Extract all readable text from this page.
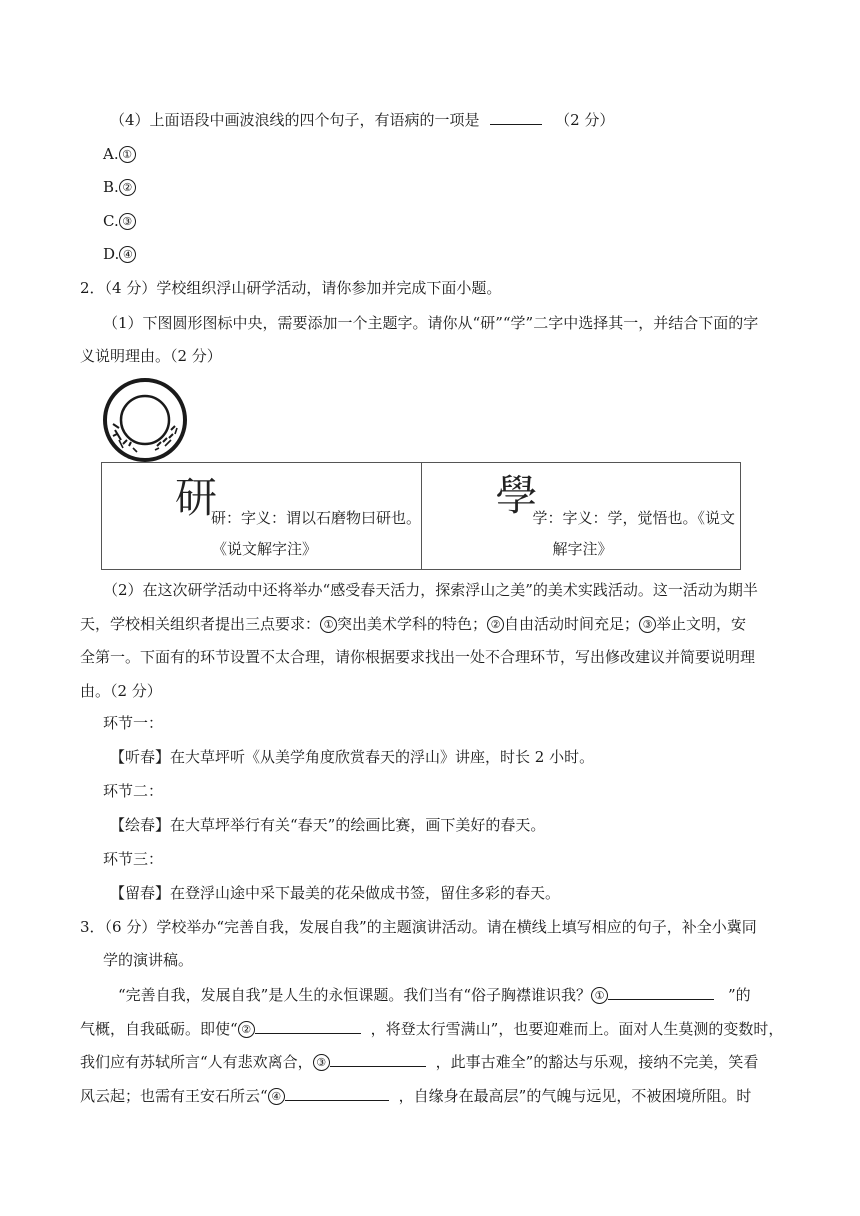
（4）上面语段中画波浪线的四个句子，有语病的一项是	（2 分）
A. ①
B. ②
C. ③
D. ④
2．（4 分）学校组织浮山研学活动，请你参加并完成下面小题。
（1）下图圆形图标中央，需要添加一个主题字。请你从“研”“学”二字中选择其一，并结合下面的字
义说明理由。（2 分）
研
研：字义：谓以石磨物曰研也。
《说文解字注》

學
学：字义：学，觉悟也。《说文
解字注》
（2）在这次研学活动中还将举办“感受春天活力，探索浮山之美”的美术实践活动。这一活动为期半
天，学校相关组织者提出三点要求： ① 突出美术学科的特色； ② 自由活动时间充足； ③ 举止文明，安
全第一。下面有的环节设置不太合理，请你根据要求找出一处不合理环节，写出修改建议并简要说明理
由。（2 分）
环节一：
【听春】在大草坪听《从美学角度欣赏春天的浮山》讲座，时长 2 小时。
环节二：
【绘春】在大草坪举行有关“春天”的绘画比赛，画下美好的春天。
环节三：
【留春】在登浮山途中采下最美的花朵做成书签，留住多彩的春天。
3．（6 分）学校举办“完善自我，发展自我”的主题演讲活动。请在横线上填写相应的句子，补全小冀同
学的演讲稿。
“完善自我，发展自我”是人生的永恒课题。我们当有“俗子胸襟谁识我？ ①	”的
气概，自我砥砺。即使“ ②	，将登太行雪满山”，也要迎难而上。面对人生莫测的变数时，
我们应有苏轼所言“人有悲欢离合， ③	，此事古难全”的豁达与乐观，接纳不完美，笑看
风云起；也需有王安石所云“ ④	，自缘身在最高层”的气魄与远见，不被困境所阻。时
